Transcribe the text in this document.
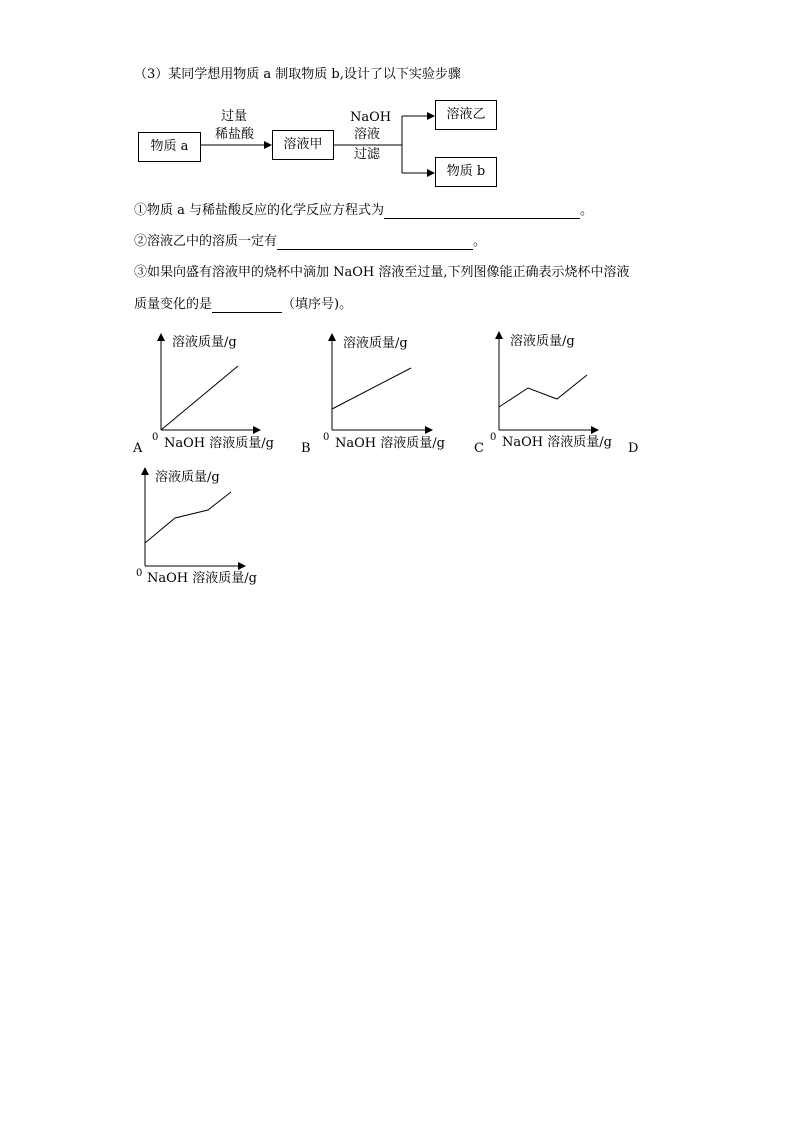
（3）某同学想用物质 a 制取物质 b,设计了以下实验步骤
物质 a
过量
稀盐酸
溶液甲
NaOH
溶液
过滤
溶液乙
物质 b
①物质 a 与稀盐酸反应的化学反应方程式为	。
②溶液乙中的溶质一定有	。
③如果向盛有溶液甲的烧杯中滴加 NaOH 溶液至过量,下列图像能正确表示烧杯中溶液
质量变化的是	（填序号)。
溶液质量/g
0 NaOH 溶液质量/g
A
溶液质量/g
0 NaOH 溶液质量/g
B
溶液质量/g
0 NaOH 溶液质量/g
C	D
溶液质量/g
0 NaOH 溶液质量/g
